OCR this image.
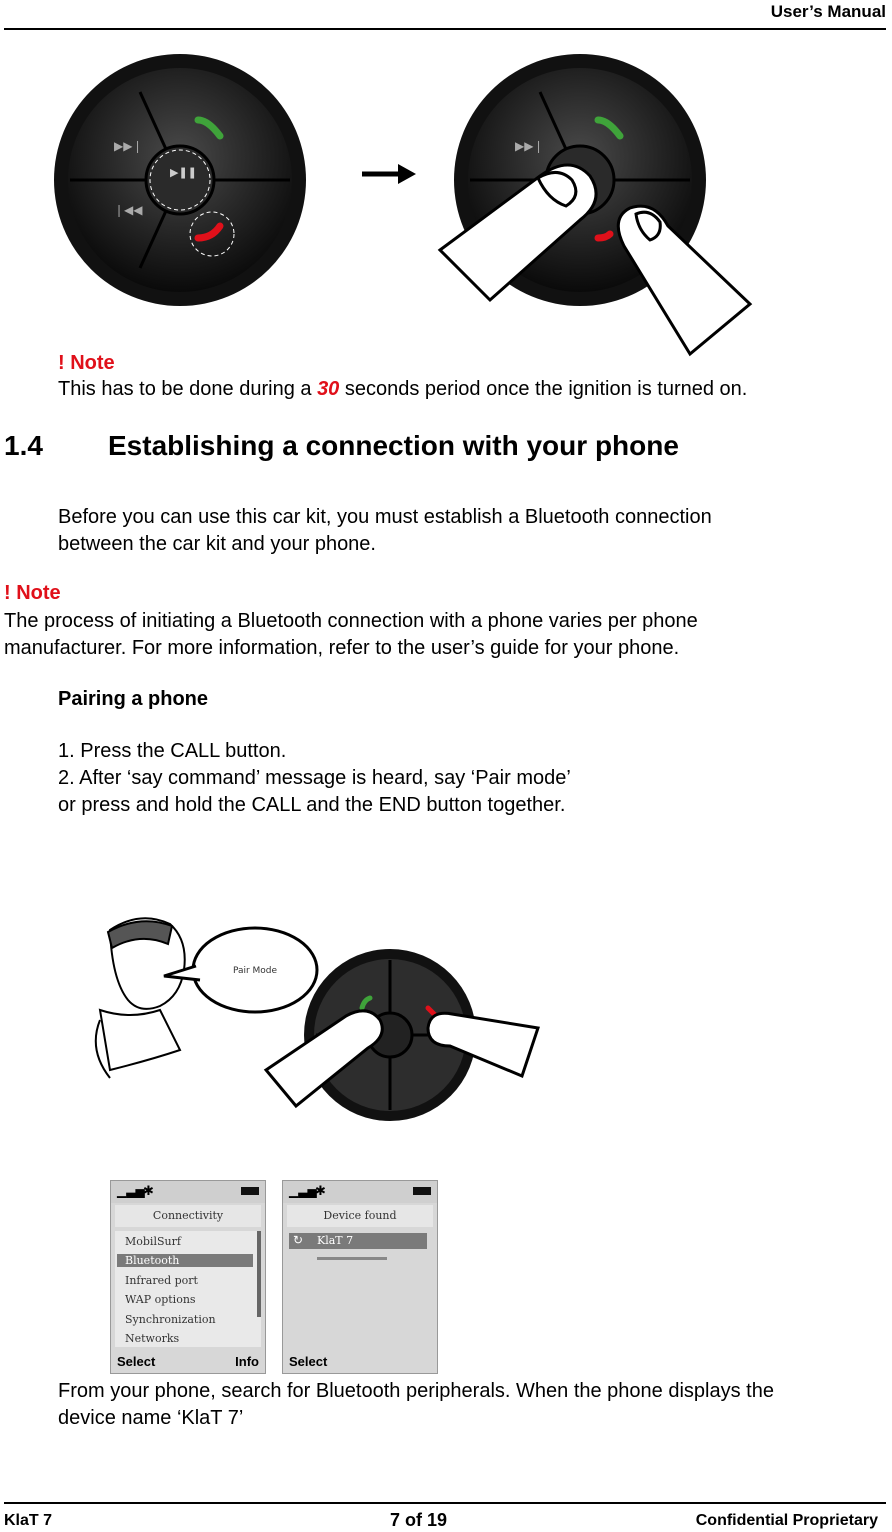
User’s Manual
▶❚❚
▶▶❘
❘◀◀
▶▶❘
! Note
This has to be done during a 30 seconds period once the ignition is turned on.
1.4 Establishing a connection with your phone
Before you can use this car kit, you must establish a Bluetooth connection
between the car kit and your phone.
! Note
The process of initiating a Bluetooth connection with a phone varies per phone
manufacturer. For more information, refer to the user’s guide for your phone.
Pairing a phone
1. Press the CALL button.
2. After ‘say command’ message is heard, say ‘Pair mode’
or press and hold the CALL and the END button together.
Pair Mode
▁▃▅
✱
Connectivity
MobilSurf
Bluetooth
Infrared port
WAP options
Synchronization
Networks
Select	Info
▁▃▅
✱
Device found
↻ KlaT 7
Select
From your phone, search for Bluetooth peripherals. When the phone displays the
device name ‘KlaT 7’
KlaT 7	7 of 19	Confidential Proprietary
